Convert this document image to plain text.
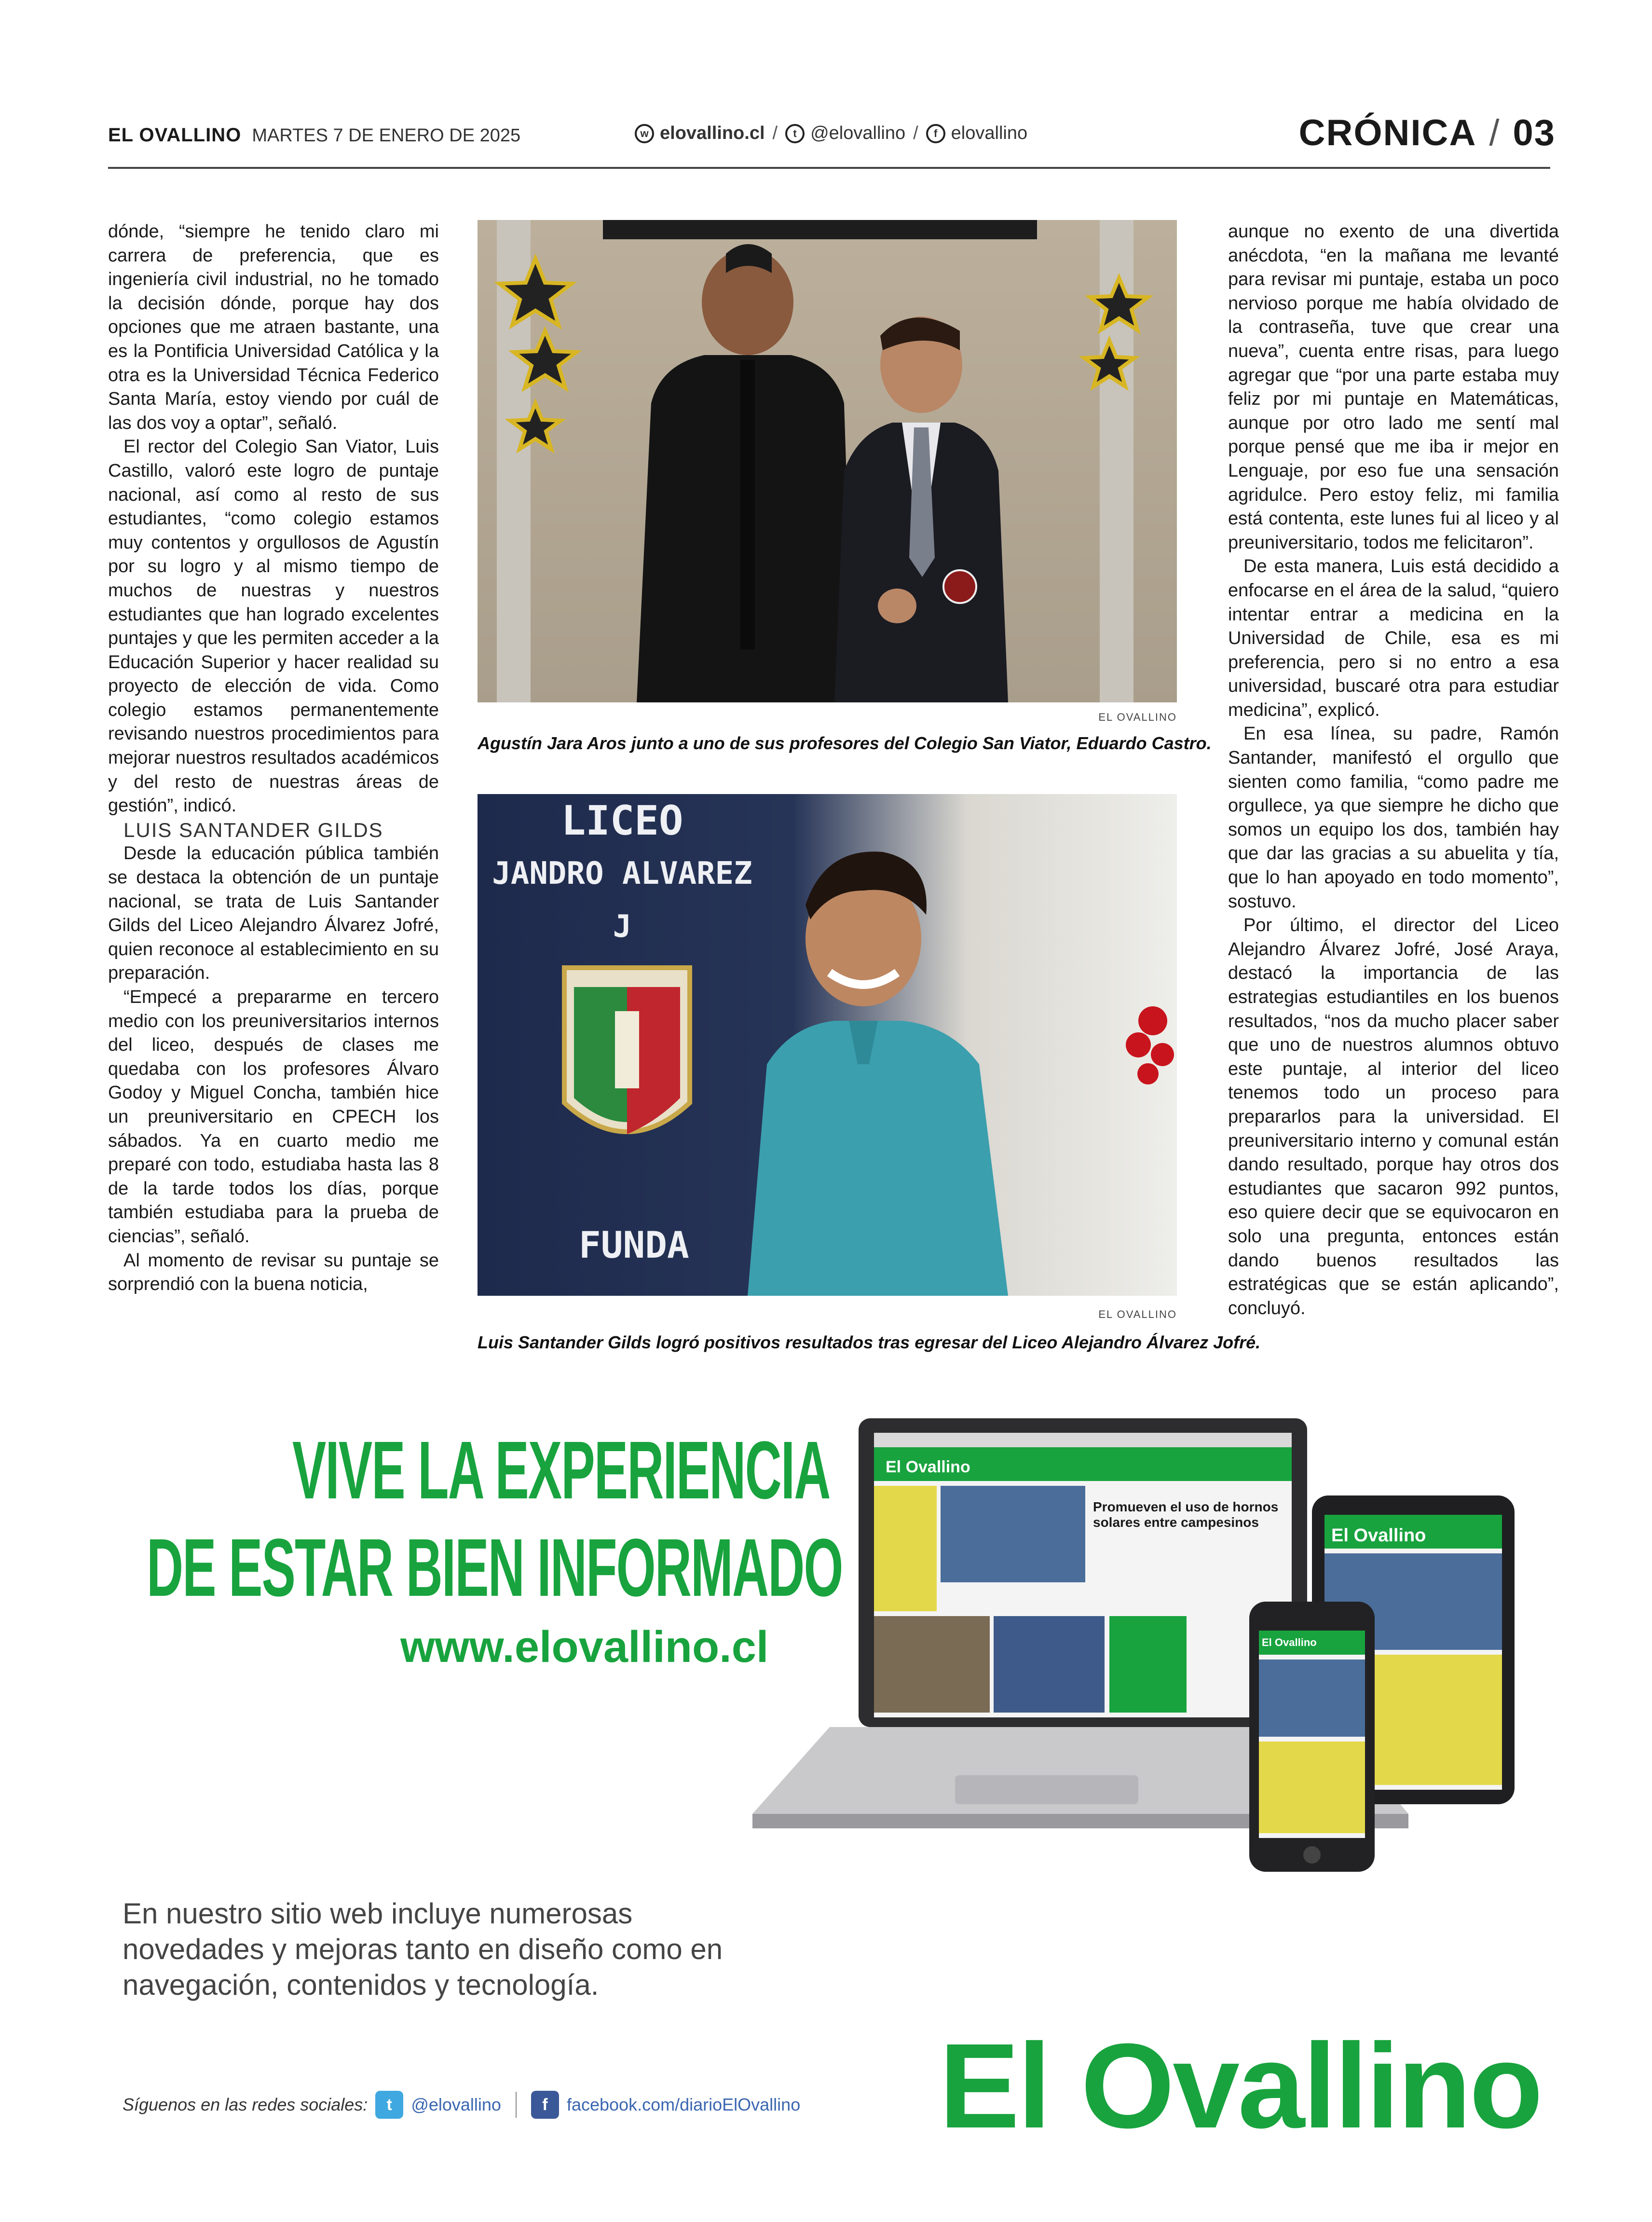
EL OVALLINO MARTES 7 DE ENERO DE 2025	w elovallino.cl /	t @elovallino /	f elovallino	CRÓNICA / 03

dónde, “siempre he tenido claro mi carrera de preferencia, que es ingeniería civil industrial, no he tomado la decisión dónde, porque hay dos opciones que me atraen bastante, una es la Pontificia Universidad Católica y la otra es la Universidad Técnica Federico Santa María, estoy viendo por cuál de las dos voy a optar”, señaló.

El rector del Colegio San Viator, Luis Castillo, valoró este logro de puntaje nacional, así como al resto de sus estudiantes, “como colegio estamos muy contentos y orgullosos de Agustín por su logro y al mismo tiempo de muchos de nuestras y nuestros estudiantes que han logrado excelentes puntajes y que les permiten acceder a la Educación Superior y hacer realidad su proyecto de elección de vida. Como colegio estamos permanentemente revisando nuestros procedimientos para mejorar nuestros resultados académicos y del resto de nuestras áreas de gestión”, indicó.

LUIS SANTANDER GILDS

Desde la educación pública también se destaca la obtención de un puntaje nacional, se trata de Luis Santander Gilds del Liceo Alejandro Álvarez Jofré, quien reconoce al establecimiento en su preparación.

“Empecé a prepararme en tercero medio con los preuniversitarios internos del liceo, después de clases me quedaba con los profesores Álvaro Godoy y Miguel Concha, también hice un preuniversitario en CPECH los sábados. Ya en cuarto medio me preparé con todo, estudiaba hasta las 8 de la tarde todos los días, porque también estudiaba para la prueba de ciencias”, señaló.

Al momento de revisar su puntaje se sorprendió con la buena noticia,

EL OVALLINO
Agustín Jara Aros junto a uno de sus profesores del Colegio San Viator, Eduardo Castro.
LICEO
JANDRO ALVAREZ J
FUNDA
EL OVALLINO
Luis Santander Gilds logró positivos resultados tras egresar del Liceo Alejandro Álvarez Jofré.

aunque no exento de una divertida anécdota, “en la mañana me levanté para revisar mi puntaje, estaba un poco nervioso porque me había olvidado de la contraseña, tuve que crear una nueva”, cuenta entre risas, para luego agregar que “por una parte estaba muy feliz por mi puntaje en Matemáticas, aunque por otro lado me sentí mal porque pensé que me iba ir mejor en Lenguaje, por eso fue una sensación agridulce. Pero estoy feliz, mi familia está contenta, este lunes fui al liceo y al preuniversitario, todos me felicitaron”.

De esta manera, Luis está decidido a enfocarse en el área de la salud, “quiero intentar entrar a medicina en la Universidad de Chile, esa es mi preferencia, pero si no entro a esa universidad, buscaré otra para estudiar medicina”, explicó.

En esa línea, su padre, Ramón Santander, manifestó el orgullo que sienten como familia, “como padre me orgullece, ya que siempre he dicho que somos un equipo los dos, también hay que dar las gracias a su abuelita y tía, que lo han apoyado en todo momento”, sostuvo.

Por último, el director del Liceo Alejandro Álvarez Jofré, José Araya, destacó la importancia de las estrategias estudiantiles en los buenos resultados, “nos da mucho placer saber que uno de nuestros alumnos obtuvo este puntaje, al interior del liceo tenemos todo un proceso para prepararlos para la universidad. El preuniversitario interno y comunal están dando resultado, porque hay otros dos estudiantes que sacaron 992 puntos, eso quiere decir que se equivocaron en solo una pregunta, entonces están dando buenos resultados las estratégicas que se están aplicando”, concluyó.

VIVE LA EXPERIENCIA
DE ESTAR BIEN INFORMADO
www.elovallino.cl
El Ovallino
Promueven el uso de hornos solares entre campesinos
El Ovallino
El Ovallino
En nuestro sitio web incluye numerosas novedades y mejoras tanto en diseño como en navegación, contenidos y tecnología.
El Ovallino
Síguenos en las redes sociales:	t	@elovallino	f	facebook.com/diarioElOvallino
